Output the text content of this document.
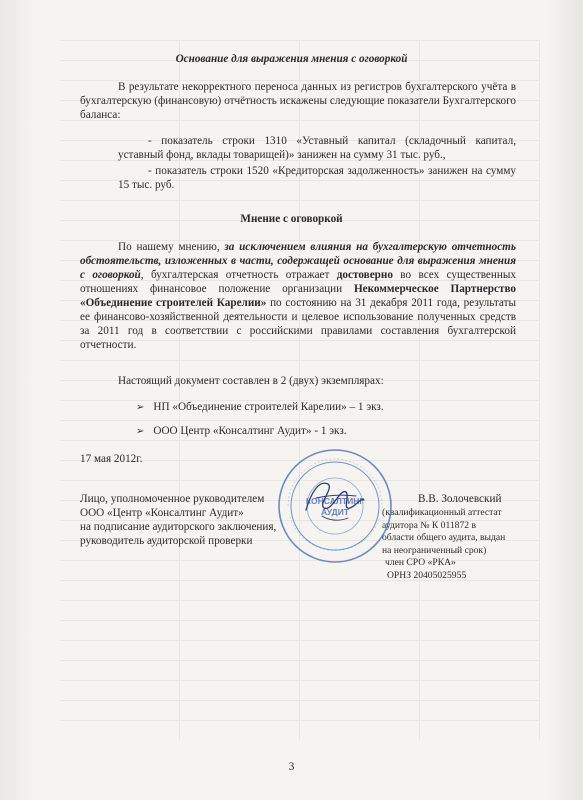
Основание для выражения мнения с оговоркой
В результате некорректного переноса данных из регистров бухгалтерского учёта в бухгалтерскую (финансовую) отчётность искажены следующие показатели Бухгалтерского баланса:
- показатель строки 1310 «Уставный капитал (складочный капитал, уставный фонд, вклады товарищей)» занижен на сумму 31 тыс. руб.,
- показатель строки 1520 «Кредиторская задолженность» занижен на сумму 15 тыс. руб.
Мнение с оговоркой
По нашему мнению, за исключением влияния на бухгалтерскую отчетность обстоятельств, изложенных в части, содержащей основание для выражения мнения с оговоркой, бухгалтерская отчетность отражает достоверно во всех существенных отношениях финансовое положение организации Некоммерческое Партнерство «Объединение строителей Карелии» по состоянию на 31 декабря 2011 года, результаты ее финансово-хозяйственной деятельности и целевое использование полученных средств за 2011 год в соответствии с российскими правилами составления бухгалтерской отчетности.
Настоящий документ составлен в 2 (двух) экземплярах:
➢ НП «Объединение строителей Карелии» – 1 экз.
➢ ООО Центр «Консалтинг Аудит» - 1 экз.
17 мая 2012г.
Лицо, уполномоченное руководителем
ООО «Центр «Консалтинг Аудит»
на подписание аудиторского заключения,
руководитель аудиторской проверки
В.В. Золочевский
(квалификационный аттестат
аудитора № К 011872 в
области общего аудита, выдан
на неограниченный срок)
член СРО «РКА»
ОРНЗ 20405025955
КОНСАЛТИНГ
АУДИТ
3
